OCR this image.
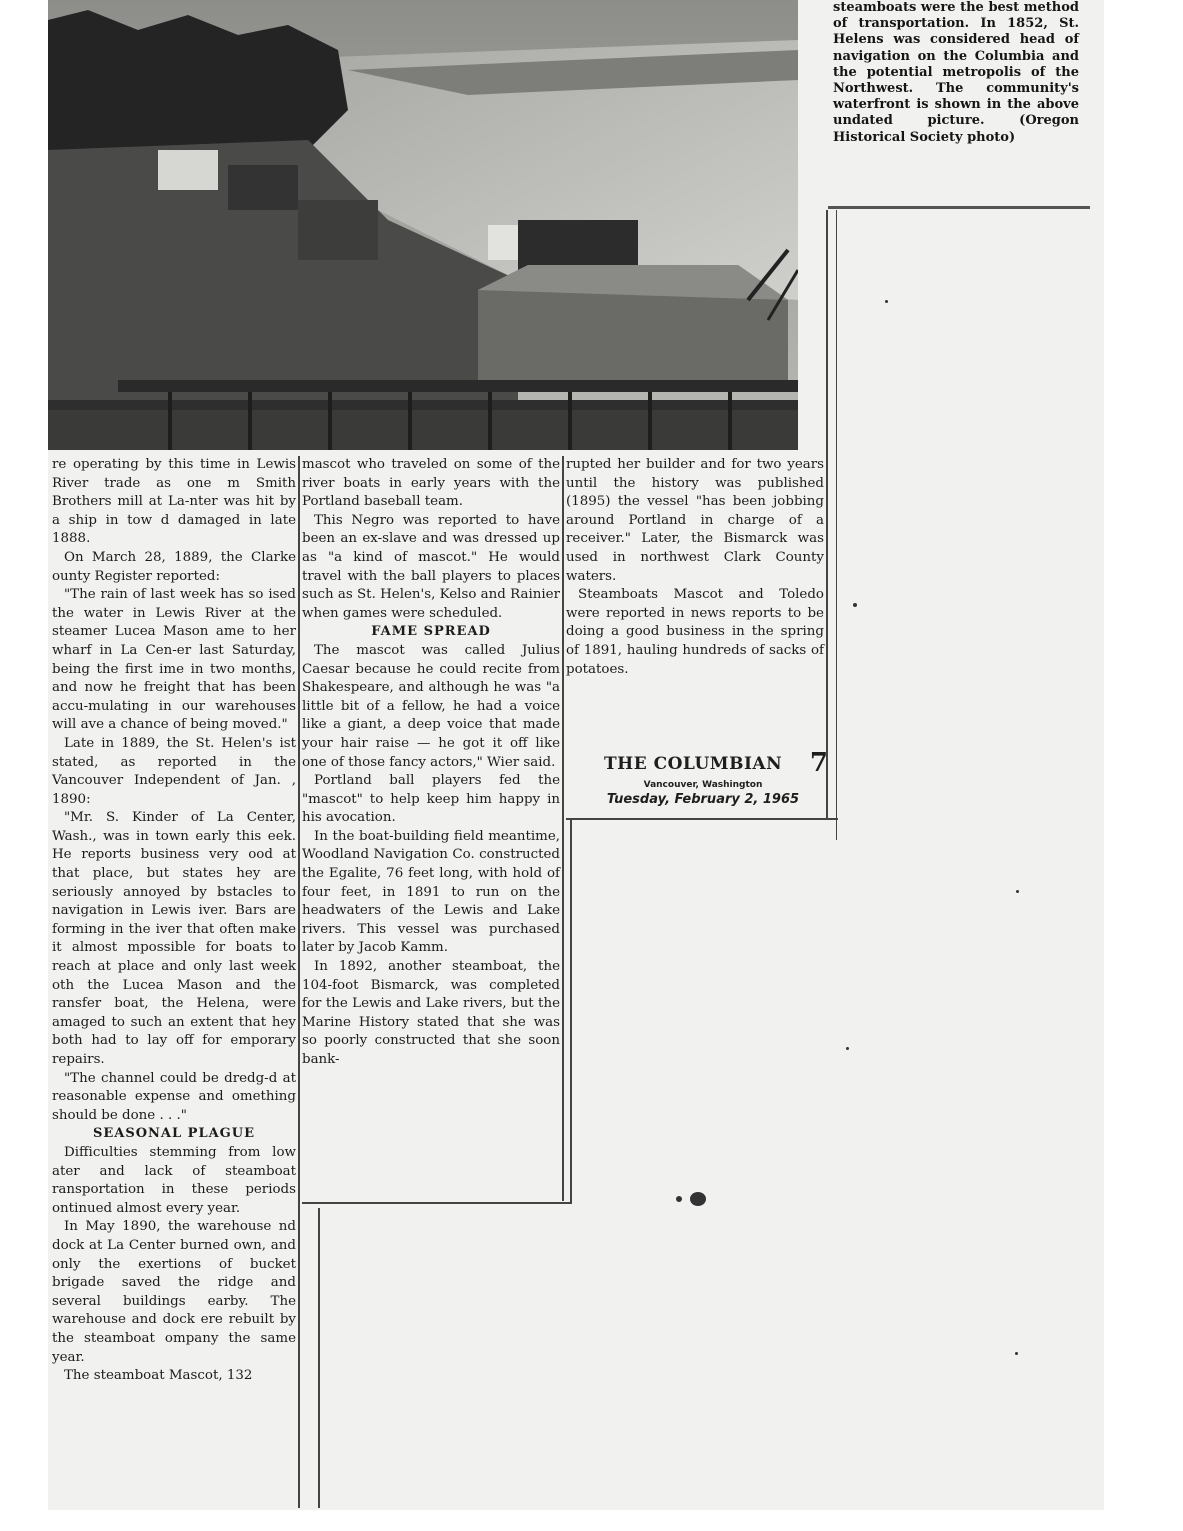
steamboats were the best method of transportation. In 1852, St. Helens was considered head of navigation on the Columbia and the potential metropolis of the Northwest. The community's waterfront is shown in the above undated picture. (Oregon Historical Society photo)

re operating by this time in Lewis River trade as one m Smith Brothers mill at La-nter was hit by a ship in tow d damaged in late 1888.

On March 28, 1889, the Clarke ounty Register reported:

"The rain of last week has so ised the water in Lewis River at the steamer Lucea Mason ame to her wharf in La Cen-er last Saturday, being the first ime in two months, and now he freight that has been accu-mulating in our warehouses will ave a chance of being moved."

Late in 1889, the St. Helen's ist stated, as reported in the Vancouver Independent of Jan. , 1890:

"Mr. S. Kinder of La Center, Wash., was in town early this eek. He reports business very ood at that place, but states hey are seriously annoyed by bstacles to navigation in Lewis iver. Bars are forming in the iver that often make it almost mpossible for boats to reach at place and only last week oth the Lucea Mason and the ransfer boat, the Helena, were amaged to such an extent that hey both had to lay off for emporary repairs.

"The channel could be dredg-d at reasonable expense and omething should be done . . ."

SEASONAL PLAGUE

Difficulties stemming from low ater and lack of steamboat ransportation in these periods ontinued almost every year.

In May 1890, the warehouse nd dock at La Center burned own, and only the exertions of bucket brigade saved the ridge and several buildings earby. The warehouse and dock ere rebuilt by the steamboat ompany the same year.

The steamboat Mascot, 132

mascot who traveled on some of the river boats in early years with the Portland baseball team.

This Negro was reported to have been an ex-slave and was dressed up as "a kind of mascot." He would travel with the ball players to places such as St. Helen's, Kelso and Rainier when games were scheduled.

FAME SPREAD

The mascot was called Julius Caesar because he could recite from Shakespeare, and although he was "a little bit of a fellow, he had a voice like a giant, a deep voice that made your hair raise — he got it off like one of those fancy actors," Wier said.

Portland ball players fed the "mascot" to help keep him happy in his avocation.

In the boat-building field meantime, Woodland Navigation Co. constructed the Egalite, 76 feet long, with hold of four feet, in 1891 to run on the headwaters of the Lewis and Lake rivers. This vessel was purchased later by Jacob Kamm.

In 1892, another steamboat, the 104-foot Bismarck, was completed for the Lewis and Lake rivers, but the Marine History stated that she was so poorly constructed that she soon bank-

rupted her builder and for two years until the history was published (1895) the vessel "has been jobbing around Portland in charge of a receiver." Later, the Bismarck was used in northwest Clark County waters.

Steamboats Mascot and Toledo were reported in news reports to be doing a good business in the spring of 1891, hauling hundreds of sacks of potatoes.

THE COLUMBIAN 7
Vancouver, Washington
Tuesday, February 2, 1965
